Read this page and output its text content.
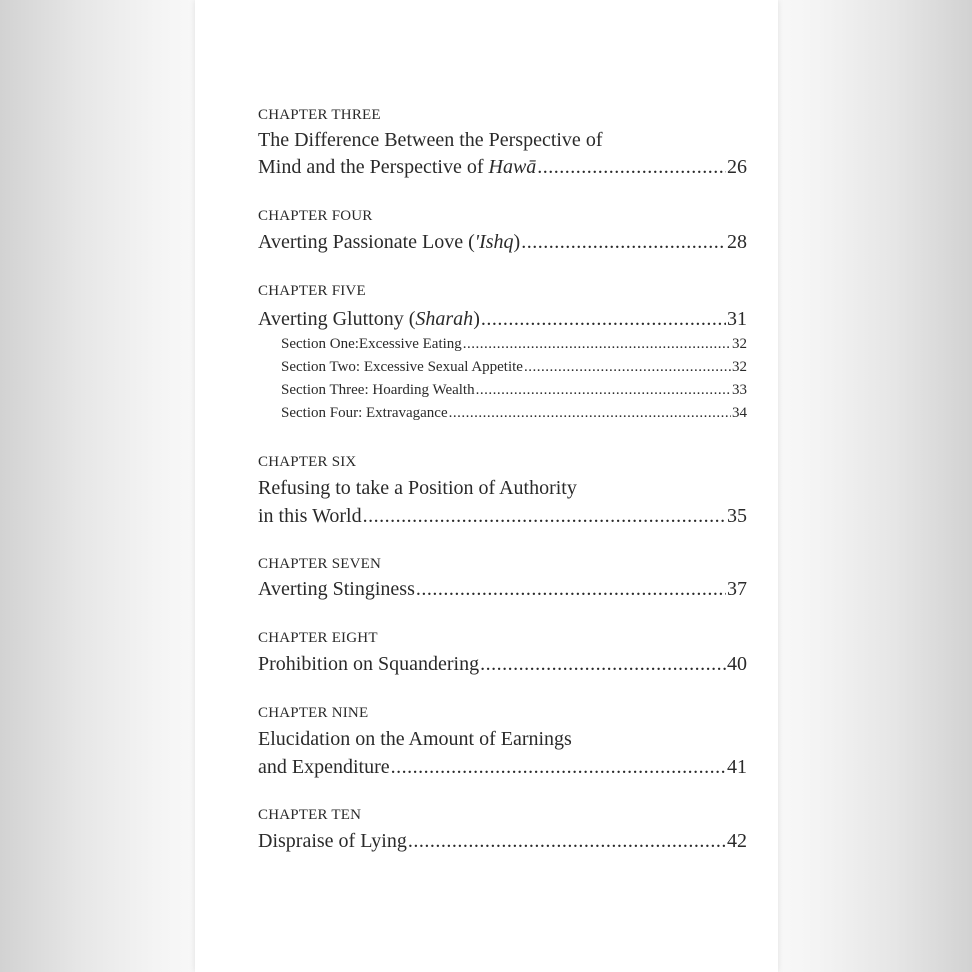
CHAPTER THREE
The Difference Between the Perspective of
Mind and the Perspective of Hawā .....	26
CHAPTER FOUR
Averting Passionate Love ('Ishq) .....	28
CHAPTER FIVE
Averting Gluttony (Sharah) .....	31
Section One:Excessive Eating .....	32
Section Two: Excessive Sexual Appetite .....	32
Section Three: Hoarding Wealth .....	33
Section Four: Extravagance .....	34
CHAPTER SIX
Refusing to take a Position of Authority
in this World .....	35
CHAPTER SEVEN
Averting Stinginess .....	37
CHAPTER EIGHT
Prohibition on Squandering .....	40
CHAPTER NINE
Elucidation on the Amount of Earnings
and Expenditure .....	41
CHAPTER TEN
Dispraise of Lying .....	42
